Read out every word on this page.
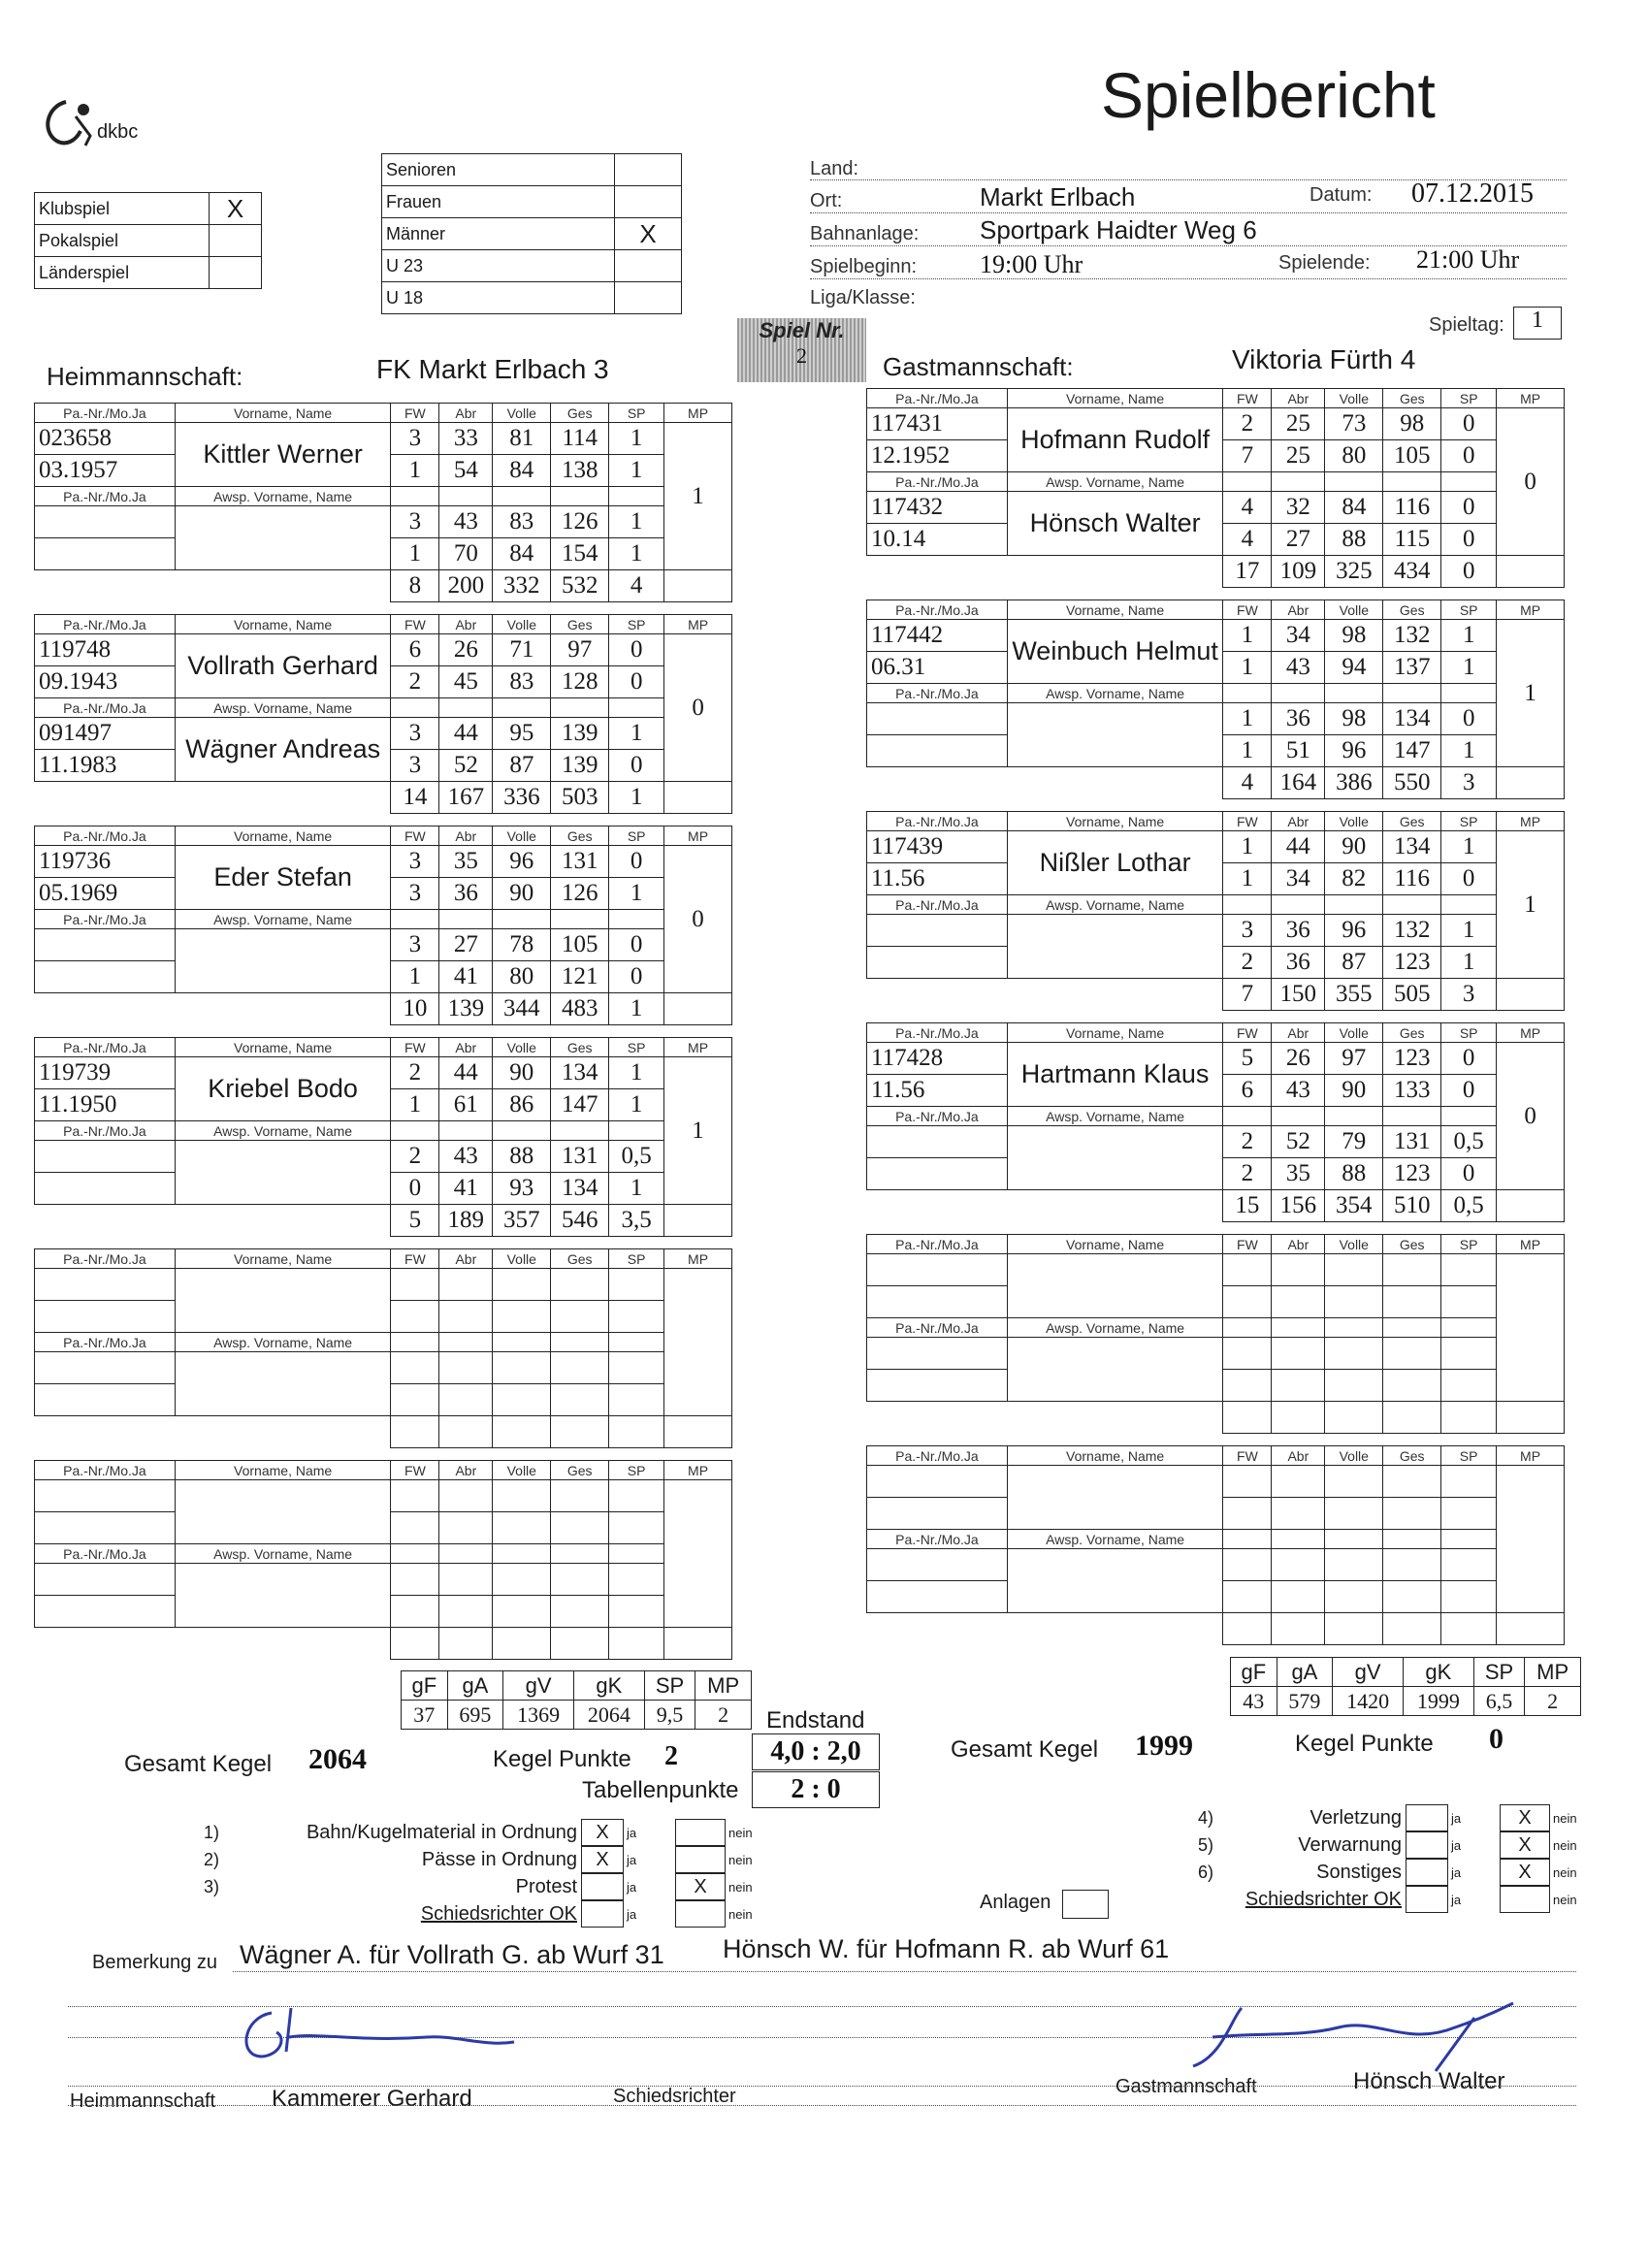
dkbc
Spielbericht
Klubspiel	X
Pokalspiel	
Länderspiel	
Senioren	
Frauen	
Männer	X
U 23	
U 18	
Land:
Ort:	Markt Erlbach	Datum: 07.12.2015
Bahnanlage: Sportpark Haidter Weg 6
Spielbeginn: 19:00 Uhr	Spielende: 21:00 Uhr
Liga/Klasse:
Spieltag:	1
Spiel Nr.
2
Heimmannschaft:	FK Markt Erlbach 3	Gastmannschaft:	Viktoria Fürth 4
Pa.-Nr./Mo.Ja	Vorname, Name	FW	Abr	Volle	Ges	SP	MP
023658	Kittler Werner	3	33	81	114	1	1
03.1957		1	54	84	138	1	
Pa.-Nr./Mo.Ja	Awsp. Vorname, Name						
		3	43	83	126	1	
		1	70	84	154	1	
		8	200	332	532	4	
Pa.-Nr./Mo.Ja	Vorname, Name	FW	Abr	Volle	Ges	SP	MP
119748	Vollrath Gerhard	6	26	71	97	0	0
09.1943		2	45	83	128	0	
Pa.-Nr./Mo.Ja	Awsp. Vorname, Name						
091497	Wägner Andreas	3	44	95	139	1	
11.1983		3	52	87	139	0	
		14	167	336	503	1	
Pa.-Nr./Mo.Ja	Vorname, Name	FW	Abr	Volle	Ges	SP	MP
119736	Eder Stefan	3	35	96	131	0	0
05.1969		3	36	90	126	1	
Pa.-Nr./Mo.Ja	Awsp. Vorname, Name						
		3	27	78	105	0	
		1	41	80	121	0	
		10	139	344	483	1	
Pa.-Nr./Mo.Ja	Vorname, Name	FW	Abr	Volle	Ges	SP	MP
119739	Kriebel Bodo	2	44	90	134	1	1
11.1950		1	61	86	147	1	
Pa.-Nr./Mo.Ja	Awsp. Vorname, Name						
		2	43	88	131	0,5	
		0	41	93	134	1	
		5	189	357	546	3,5	
Pa.-Nr./Mo.Ja	Vorname, Name	FW	Abr	Volle	Ges	SP	MP

Pa.-Nr./Mo.Ja	Awsp. Vorname, Name						

Pa.-Nr./Mo.Ja	Vorname, Name	FW	Abr	Volle	Ges	SP	MP

Pa.-Nr./Mo.Ja	Awsp. Vorname, Name						

Pa.-Nr./Mo.Ja	Vorname, Name	FW	Abr	Volle	Ges	SP	MP
117431	Hofmann Rudolf	2	25	73	98	0	0
12.1952		7	25	80	105	0	
Pa.-Nr./Mo.Ja	Awsp. Vorname, Name						
117432	Hönsch Walter	4	32	84	116	0	
10.14		4	27	88	115	0	
		17	109	325	434	0	
Pa.-Nr./Mo.Ja	Vorname, Name	FW	Abr	Volle	Ges	SP	MP
117442	Weinbuch Helmut	1	34	98	132	1	1
06.31		1	43	94	137	1	
Pa.-Nr./Mo.Ja	Awsp. Vorname, Name						
		1	36	98	134	0	
		1	51	96	147	1	
		4	164	386	550	3	
Pa.-Nr./Mo.Ja	Vorname, Name	FW	Abr	Volle	Ges	SP	MP
117439	Nißler Lothar	1	44	90	134	1	1
11.56		1	34	82	116	0	
Pa.-Nr./Mo.Ja	Awsp. Vorname, Name						
		3	36	96	132	1	
		2	36	87	123	1	
		7	150	355	505	3	
Pa.-Nr./Mo.Ja	Vorname, Name	FW	Abr	Volle	Ges	SP	MP
117428	Hartmann Klaus	5	26	97	123	0	0
11.56		6	43	90	133	0	
Pa.-Nr./Mo.Ja	Awsp. Vorname, Name						
		2	52	79	131	0,5	
		2	35	88	123	0	
		15	156	354	510	0,5	
Pa.-Nr./Mo.Ja	Vorname, Name	FW	Abr	Volle	Ges	SP	MP

Pa.-Nr./Mo.Ja	Awsp. Vorname, Name						

Pa.-Nr./Mo.Ja	Vorname, Name	FW	Abr	Volle	Ges	SP	MP

Pa.-Nr./Mo.Ja	Awsp. Vorname, Name						

gF	gA	gV	gK	SP	MP
37	695	1369	2064	9,5	2
gF	gA	gV	gK	SP	MP
43	579	1420	1999	6,5	2
Endstand
Gesamt Kegel 2064	Kegel Punkte 2	4,0 : 2,0
Tabellenpunkte	2 : 0
Gesamt Kegel 1999	Kegel Punkte 0
1)	Bahn/Kugelmaterial in Ordnung X	ja	nein
2)	Pässe in Ordnung X	ja	nein
3)	Protest	ja	X	nein
Schiedsrichter OK	ja	nein
4)	Verletzung	ja	X	nein
5)	Verwarnung	ja	X	nein
6)	Sonstiges	ja	X	nein
Schiedsrichter OK	ja	nein
Anlagen
Bemerkung zu Wägner A. für Vollrath G. ab Wurf 31 Hönsch W. für Hofmann R. ab Wurf 61
Heimmannschaft Kammerer Gerhard	Schiedsrichter	Gastmannschaft	Hönsch Walter
